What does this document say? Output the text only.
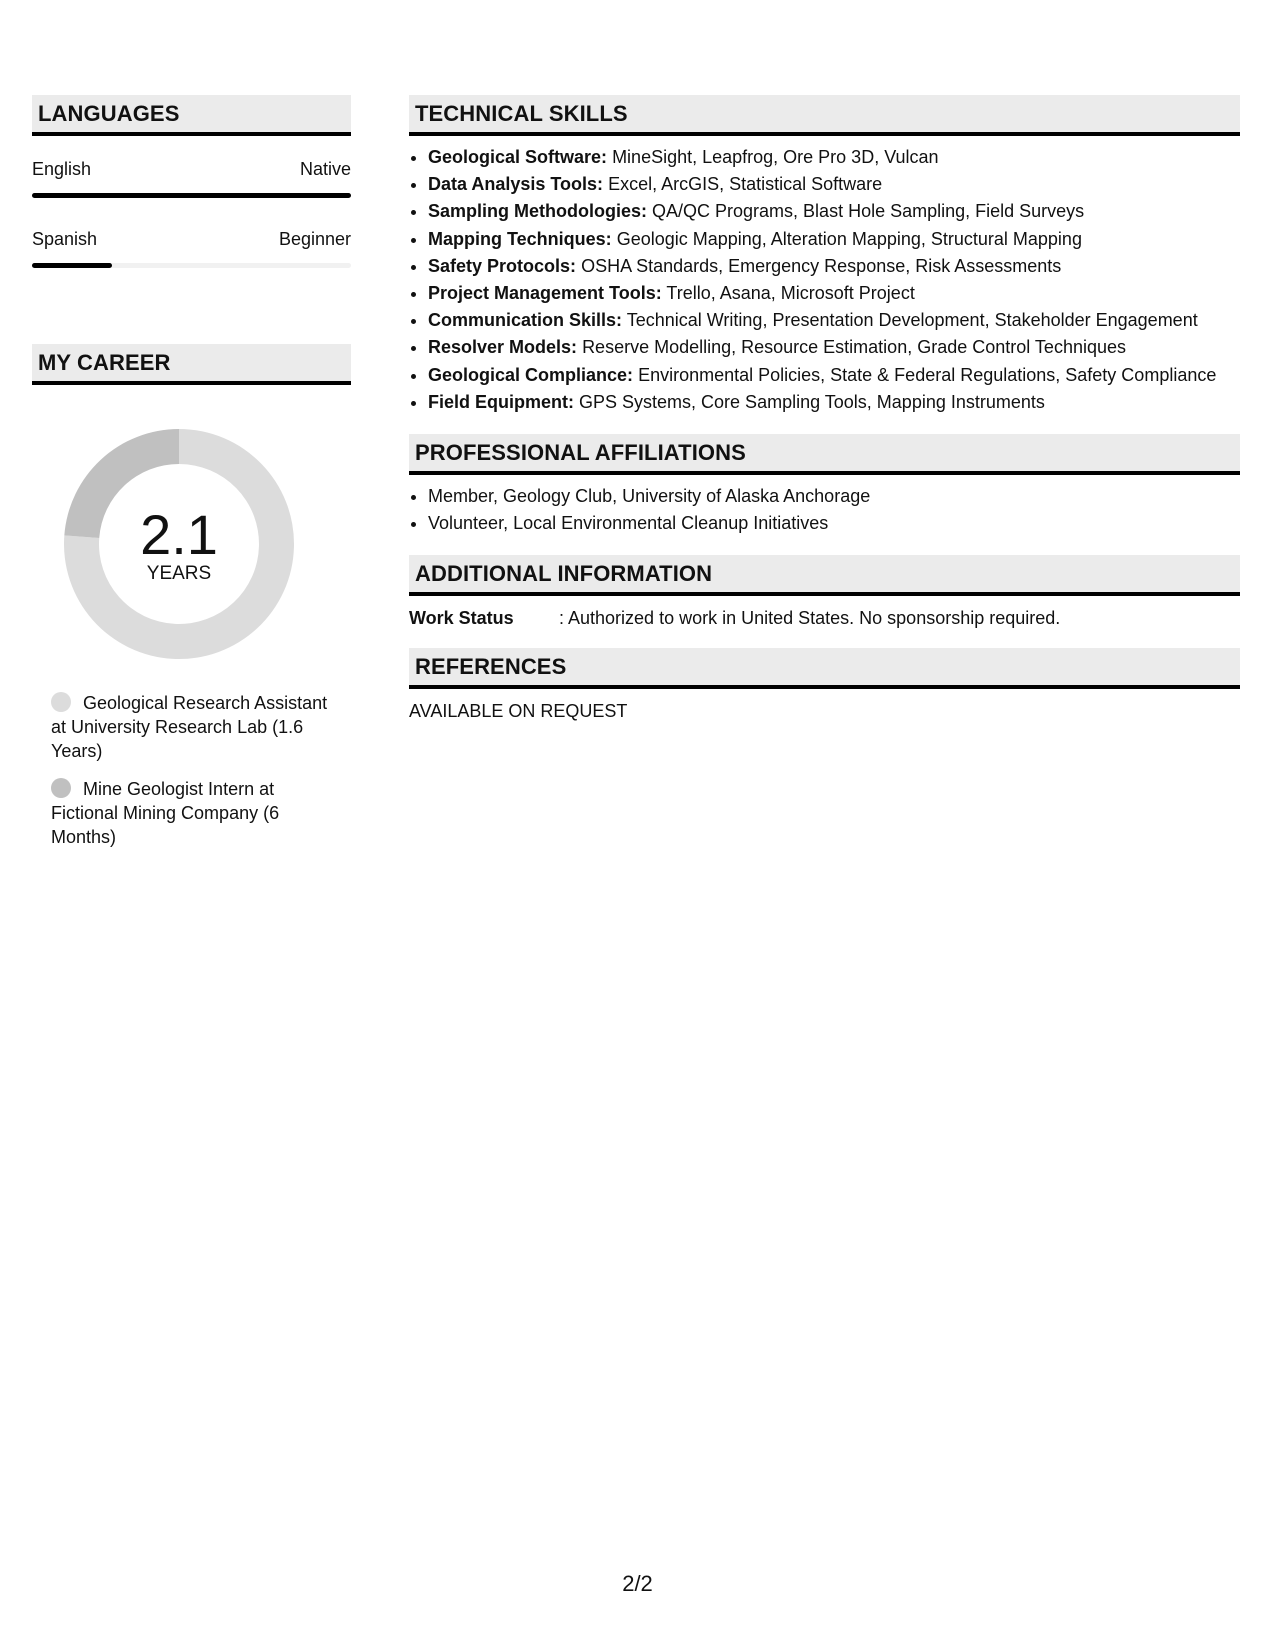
LANGUAGES
English	Native
Spanish	Beginner
MY CAREER
2.1
YEARS
Geological Research Assistant at University Research Lab (1.6 Years)
Mine Geologist Intern at Fictional Mining Company (6 Months)
TECHNICAL SKILLS
• Geological Software: MineSight, Leapfrog, Ore Pro 3D, Vulcan
• Data Analysis Tools: Excel, ArcGIS, Statistical Software
• Sampling Methodologies: QA/QC Programs, Blast Hole Sampling, Field Surveys
• Mapping Techniques: Geologic Mapping, Alteration Mapping, Structural Mapping
• Safety Protocols: OSHA Standards, Emergency Response, Risk Assessments
• Project Management Tools: Trello, Asana, Microsoft Project
• Communication Skills: Technical Writing, Presentation Development, Stakeholder Engagement
• Resolver Models: Reserve Modelling, Resource Estimation, Grade Control Techniques
• Geological Compliance: Environmental Policies, State & Federal Regulations, Safety Compliance
• Field Equipment: GPS Systems, Core Sampling Tools, Mapping Instruments
PROFESSIONAL AFFILIATIONS
• Member, Geology Club, University of Alaska Anchorage
• Volunteer, Local Environmental Cleanup Initiatives
ADDITIONAL INFORMATION
Work Status	: Authorized to work in United States. No sponsorship required.
REFERENCES
AVAILABLE ON REQUEST
2/2
